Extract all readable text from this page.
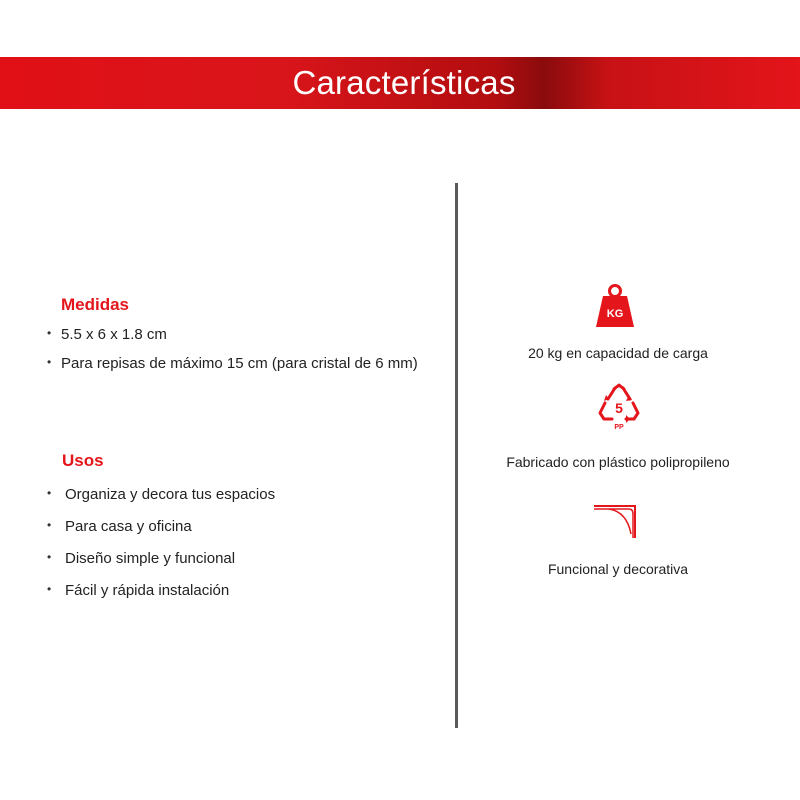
Características
Medidas
• 5.5 x 6 x 1.8 cm
• Para repisas de máximo 15 cm (para cristal de 6 mm)
Usos
• Organiza y decora tus espacios
• Para casa y oficina
• Diseño simple y funcional
• Fácil y rápida instalación
KG
20 kg en capacidad de carga
5
PP
Fabricado con plástico polipropileno
Funcional y decorativa
